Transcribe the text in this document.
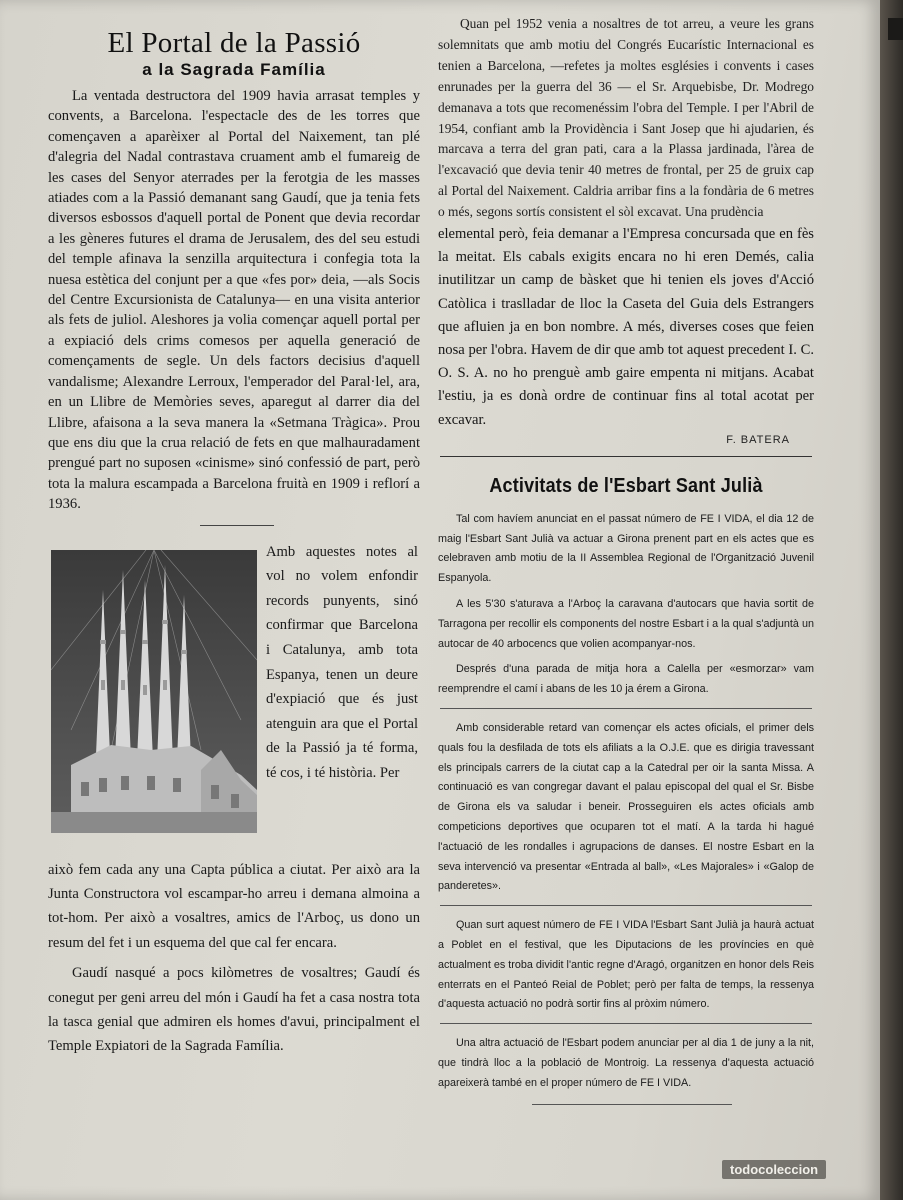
El Portal de la Passió
a la Sagrada Família

La ventada destructora del 1909 havia arrasat temples y convents, a Barcelona. l'espectacle des de les torres que començaven a aparèixer al Portal del Naixement, tan plé d'alegria del Nadal contrastava cruament amb el fumareig de les cases del Senyor aterrades per la ferotgia de les masses atiades com a la Passió demanant sang Gaudí, que ja tenia fets diversos esbossos d'aquell portal de Ponent que devia recordar a les gèneres futures el drama de Jerusalem, des del seu estudi del temple afinava la senzilla arquitectura i confegia tota la nuesa estètica del conjunt per a que «fes por» deia, —als Socis del Centre Excursionista de Catalunya— en una visita anterior als fets de juliol. Aleshores ja volia començar aquell portal per a expiació dels crims comesos per aquella generació de començaments de segle. Un dels factors decisius d'aquell vandalisme; Alexandre Lerroux, l'emperador del Paral·lel, ara, en un Llibre de Memòries seves, aparegut al darrer dia del Llibre, afaisona a la seva manera la «Setmana Tràgica». Prou que ens diu que la crua relació de fets en que malhauradament prengué part no suposen «cinisme» sinó confessió de part, però tota la malura escampada a Barcelona fruità en 1909 i reflorí a 1936.

Amb aquestes notes al vol no volem enfondir records punyents, sinó confirmar que Barcelona i Catalunya, amb tota Espanya, tenen un deure d'expiació que és just atenguin ara que el Portal de la Passió ja té forma, té cos, i té història. Per

això fem cada any una Capta pública a ciutat. Per això ara la Junta Constructora vol escampar-ho arreu i demana almoina a tot-hom. Per això a vosaltres, amics de l'Arboç, us dono un resum del fet i un esquema del que cal fer encara.

Gaudí nasqué a pocs kilòmetres de vosaltres; Gaudí és conegut per geni arreu del món i Gaudí ha fet a casa nostra tota la tasca genial que admiren els homes d'avui, principalment el Temple Expiatori de la Sagrada Família.

Quan pel 1952 venia a nosaltres de tot arreu, a veure les grans solemnitats que amb motiu del Congrés Eucarístic Internacional es tenien a Barcelona, —refetes ja moltes esglésies i convents i cases enrunades per la guerra del 36 — el Sr. Arquebisbe, Dr. Modrego demanava a tots que recomenéssim l'obra del Temple. I per l'Abril de 1954, confiant amb la Providència i Sant Josep que hi ajudarien, és marcava a terra del gran pati, cara a la Plassa jardinada, l'àrea de l'excavació que devia tenir 40 metres de frontal, per 25 de gruix cap al Portal del Naixement. Caldria arribar fins a la fondària de 6 metres o més, segons sortís consistent el sòl excavat. Una prudència

elemental però, feia demanar a l'Empresa concursada que en fès la meitat. Els cabals exigits encara no hi eren Demés, calia inutilitzar un camp de bàsket que hi tenien els joves d'Acció Catòlica i traslladar de lloc la Caseta del Guia dels Estrangers que afluien ja en bon nombre. A més, diverses coses que feien nosa per l'obra. Havem de dir que amb tot aquest precedent I. C. O. S. A. no ho prenguè amb gaire empenta ni mitjans. Acabat l'estiu, ja es donà ordre de continuar fins al total acotat per excavar.

F. BATERA
Activitats de l'Esbart Sant Julià

Tal com havíem anunciat en el passat número de FE I VIDA, el dia 12 de maig l'Esbart Sant Julià va actuar a Girona prenent part en els actes que es celebraven amb motiu de la II Assemblea Regional de l'Organització Juvenil Espanyola.

A les 5'30 s'aturava a l'Arboç la caravana d'autocars que havia sortit de Tarragona per recollir els components del nostre Esbart i a la qual s'adjuntà un autocar de 40 arbocencs que volien acompanyar-nos.

Després d'una parada de mitja hora a Calella per «esmorzar» vam reemprendre el camí i abans de les 10 ja érem a Girona.

Amb considerable retard van començar els actes oficials, el primer dels quals fou la desfilada de tots els afiliats a la O.J.E. que es dirigia travessant els principals carrers de la ciutat cap a la Catedral per oir la santa Missa. A continuació es van congregar davant el palau episcopal del qual el Sr. Bisbe de Girona els va saludar i beneir. Prosseguiren els actes oficials amb competicions deportives que ocuparen tot el matí. A la tarda hi hagué l'actuació de les rondalles i agrupacions de danses. El nostre Esbart en la seva intervenció va presentar «Entrada al ball», «Les Majorales» i «Galop de panderetes».

Quan surt aquest número de FE I VIDA l'Esbart Sant Julià ja haurà actuat a Poblet en el festival, que les Diputacions de les províncies en què actualment es troba dividit l'antic regne d'Aragó, organitzen en honor dels Reis enterrats en el Panteó Reial de Poblet; però per falta de temps, la ressenya d'aquesta actuació no podrà sortir fins al pròxim número.

Una altra actuació de l'Esbart podem anunciar per al dia 1 de juny a la nit, que tindrà lloc a la població de Montroig. La ressenya d'aquesta actuació apareixerà també en el proper número de FE I VIDA.

todocoleccion
